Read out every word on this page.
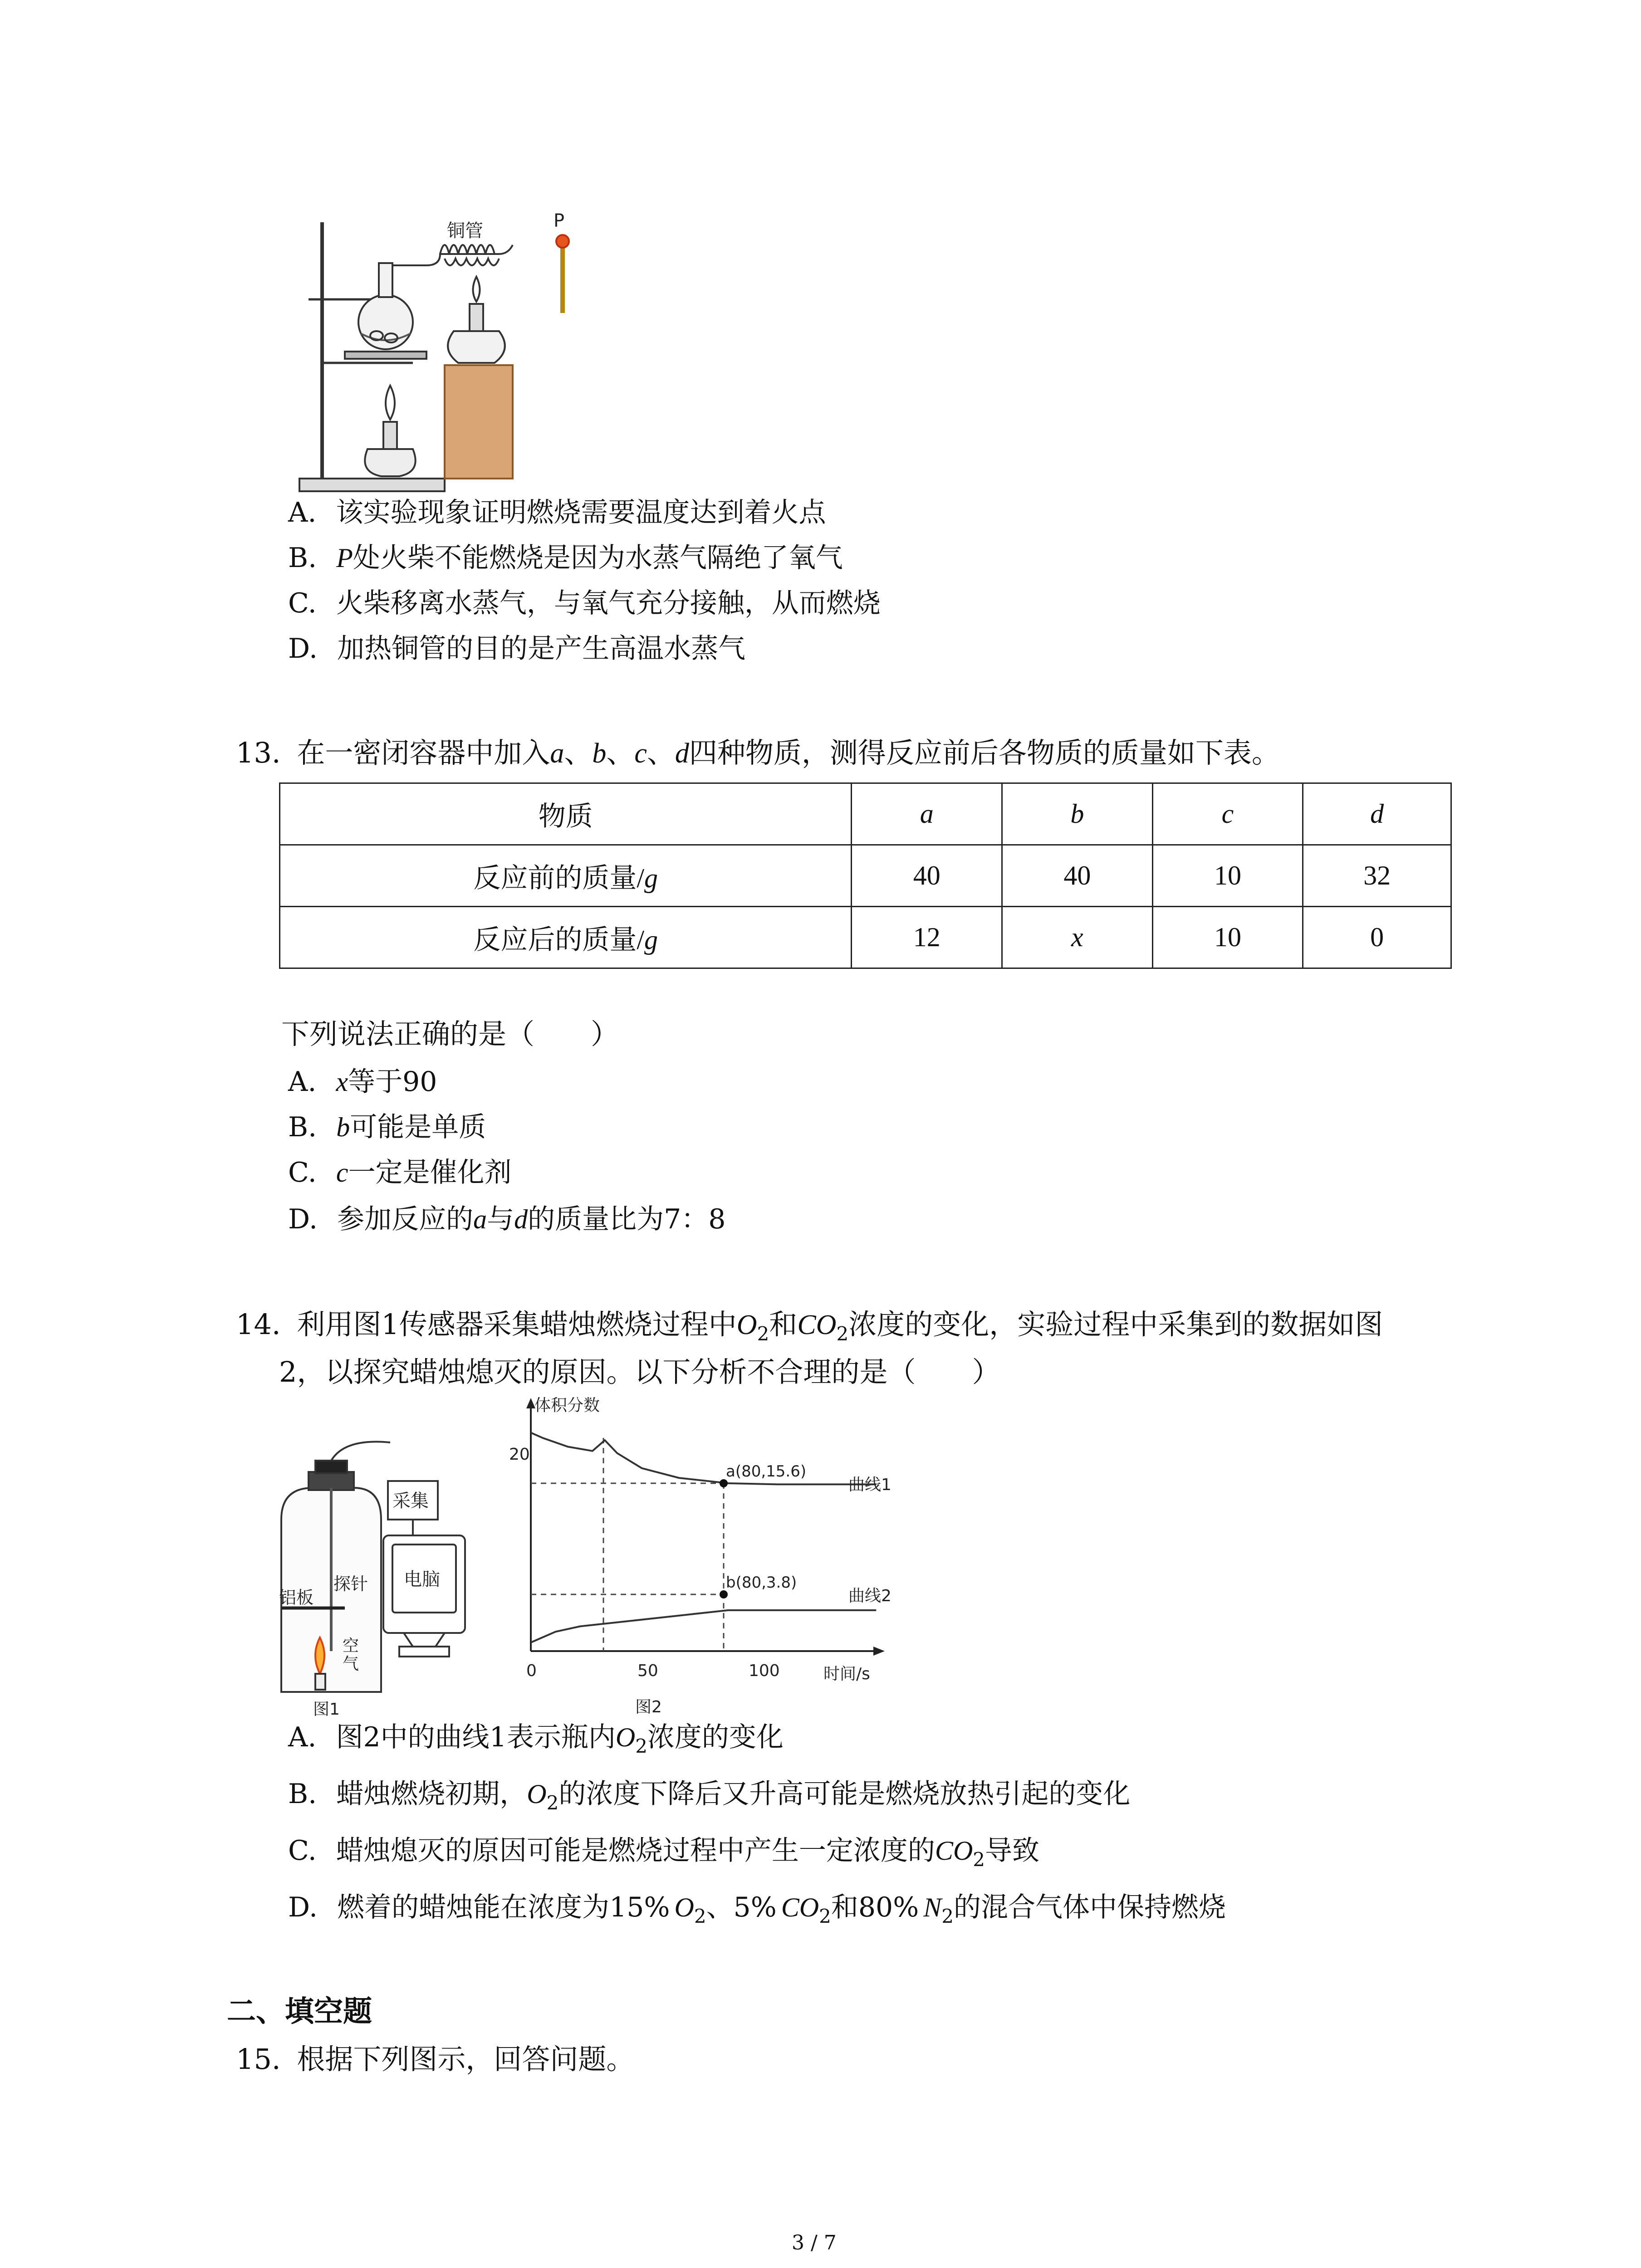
铜管	P
A. 该实验现象证明燃烧需要温度达到着火点
B. P处火柴不能燃烧是因为水蒸气隔绝了氧气
C. 火柴移离水蒸气，与氧气充分接触，从而燃烧
D. 加热铜管的目的是产生高温水蒸气
13. 在一密闭容器中加入a、b、c、d四种物质，测得反应前后各物质的质量如下表。
物质	a	b	c	d
反应前的质量/g	40	40	10	32
反应后的质量/g	12	x	10	0
下列说法正确的是（　　）
A. x等于90
B. b可能是单质
C. c一定是催化剂
D. 参加反应的a与d的质量比为7：8
14. 利用图1传感器采集蜡烛燃烧过程中$O_2$和$CO_2$浓度的变化，实验过程中采集到的数据如图
2，以探究蜡烛熄灭的原因。以下分析不合理的是（　　）
采集
探针
铝板
空
气
电脑
图1
体积分数
20
0	50	100	时间/s
a(80,15.6)
b(80,3.8)
曲线1
曲线2
图2
A. 图2中的曲线1表示瓶内$O_2$浓度的变化
B. 蜡烛燃烧初期，$O_2$的浓度下降后又升高可能是燃烧放热引起的变化
C. 蜡烛熄灭的原因可能是燃烧过程中产生一定浓度的$CO_2$导致
D. 燃着的蜡烛能在浓度为15% $O_2$、5% $CO_2$和80% $N_2$的混合气体中保持燃烧
二、填空题
15. 根据下列图示，回答问题。
3 / 7
